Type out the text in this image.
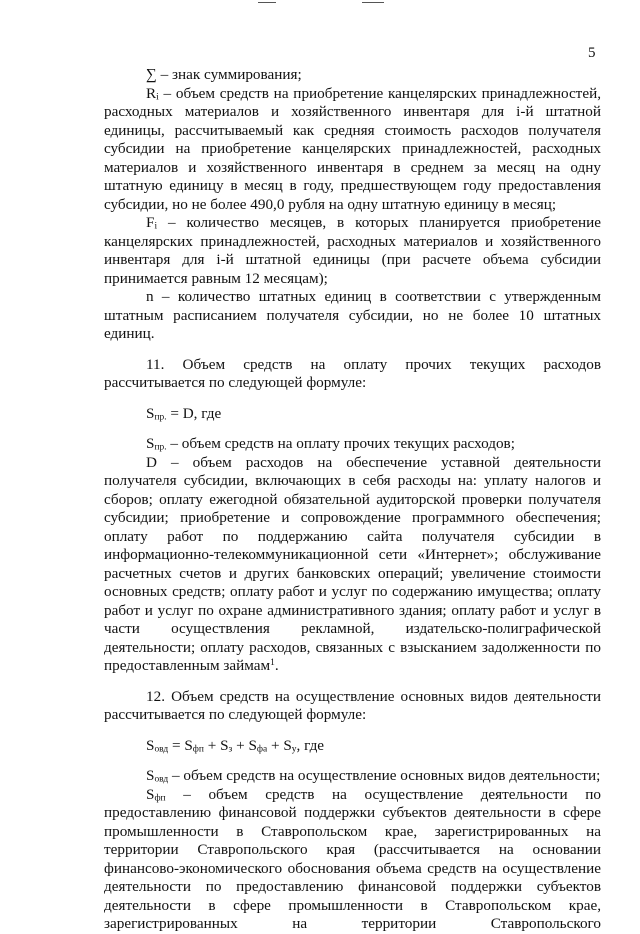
5

∑ – знак суммирования;

$R_i$ – объем средств на приобретение канцелярских принадлежностей, расходных материалов и хозяйственного инвентаря для i-й штатной единицы, рассчитываемый как средняя стоимость расходов получателя субсидии на приобретение канцелярских принадлежностей, расходных материалов и хозяйственного инвентаря в среднем за месяц на одну штатную единицу в месяц в году, предшествующем году предоставления субсидии, но не более 490,0 рубля на одну штатную единицу в месяц;

$F_i$ – количество месяцев, в которых планируется приобретение канцелярских принадлежностей, расходных материалов и хозяйственного инвентаря для i-й штатной единицы (при расчете объема субсидии принимается равным 12 месяцам);

n – количество штатных единиц в соответствии с утвержденным штатным расписанием получателя субсидии, но не более 10 штатных единиц.

11. Объем средств на оплату прочих текущих расходов рассчитывается по следующей формуле:

$S_{пр.} = D$, где

$S_{пр.}$ – объем средств на оплату прочих текущих расходов;

D – объем расходов на обеспечение уставной деятельности получателя субсидии, включающих в себя расходы на: уплату налогов и сборов; оплату ежегодной обязательной аудиторской проверки получателя субсидии; приобретение и сопровождение программного обеспечения; оплату работ по поддержанию сайта получателя субсидии в информационно-телекоммуникационной сети «Интернет»; обслуживание расчетных счетов и других банковских операций; увеличение стоимости основных средств; оплату работ и услуг по содержанию имущества; оплату работ и услуг по охране административного здания; оплату работ и услуг в части осуществления рекламной, издательско-полиграфической деятельности; оплату расходов, связанных с взысканием задолженности по предоставленным займам$^1$.

12. Объем средств на осуществление основных видов деятельности рассчитывается по следующей формуле:

$S_{овд} = S_{фп} + S_з + S_{фа} + S_у$, где

$S_{овд}$ – объем средств на осуществление основных видов деятельности;

$S_{фп}$ – объем средств на осуществление деятельности по предоставлению финансовой поддержки субъектов деятельности в сфере промышленности в Ставропольском крае, зарегистрированных на территории Ставропольского края (рассчитывается на основании финансово-экономического обоснования объема средств на осуществление деятельности по предоставлению финансовой поддержки субъектов деятельности в сфере промышленности в Ставропольском крае, зарегистрированных на территории Ставропольского
